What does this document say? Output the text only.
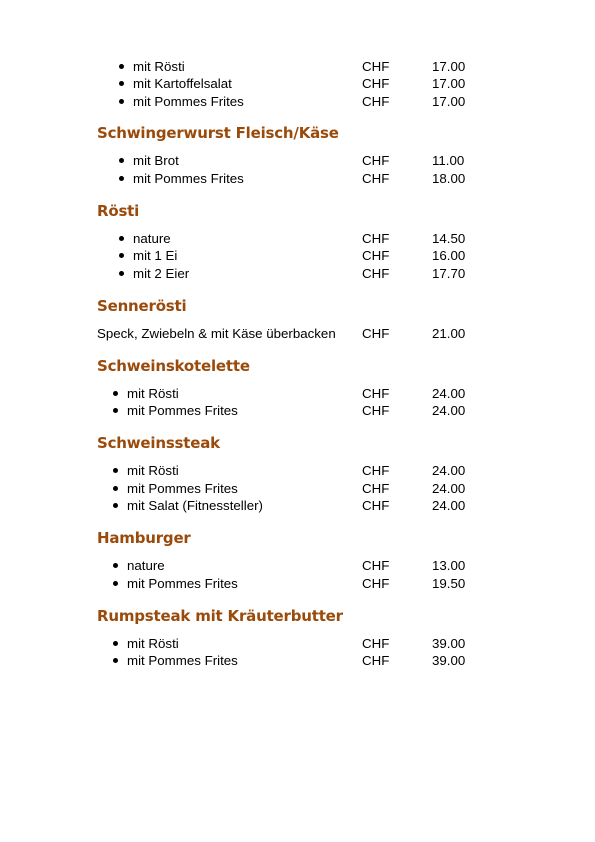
mit Rösti	CHF	17.00
mit Kartoffelsalat	CHF	17.00
mit Pommes Frites	CHF	17.00
Schwingerwurst Fleisch/Käse
mit Brot	CHF	11.00
mit Pommes Frites	CHF	18.00
Rösti
nature	CHF	14.50
mit 1 Ei	CHF	16.00
mit 2 Eier	CHF	17.70
Sennerösti
Speck, Zwiebeln & mit Käse überbacken CHF	21.00
Schweinskotelette
mit Rösti	CHF	24.00
mit Pommes Frites	CHF	24.00
Schweinssteak
mit Rösti	CHF	24.00
mit Pommes Frites	CHF	24.00
mit Salat (Fitnessteller)	CHF	24.00
Hamburger
nature	CHF	13.00
mit Pommes Frites	CHF	19.50
Rumpsteak mit Kräuterbutter
mit Rösti	CHF	39.00
mit Pommes Frites	CHF	39.00
